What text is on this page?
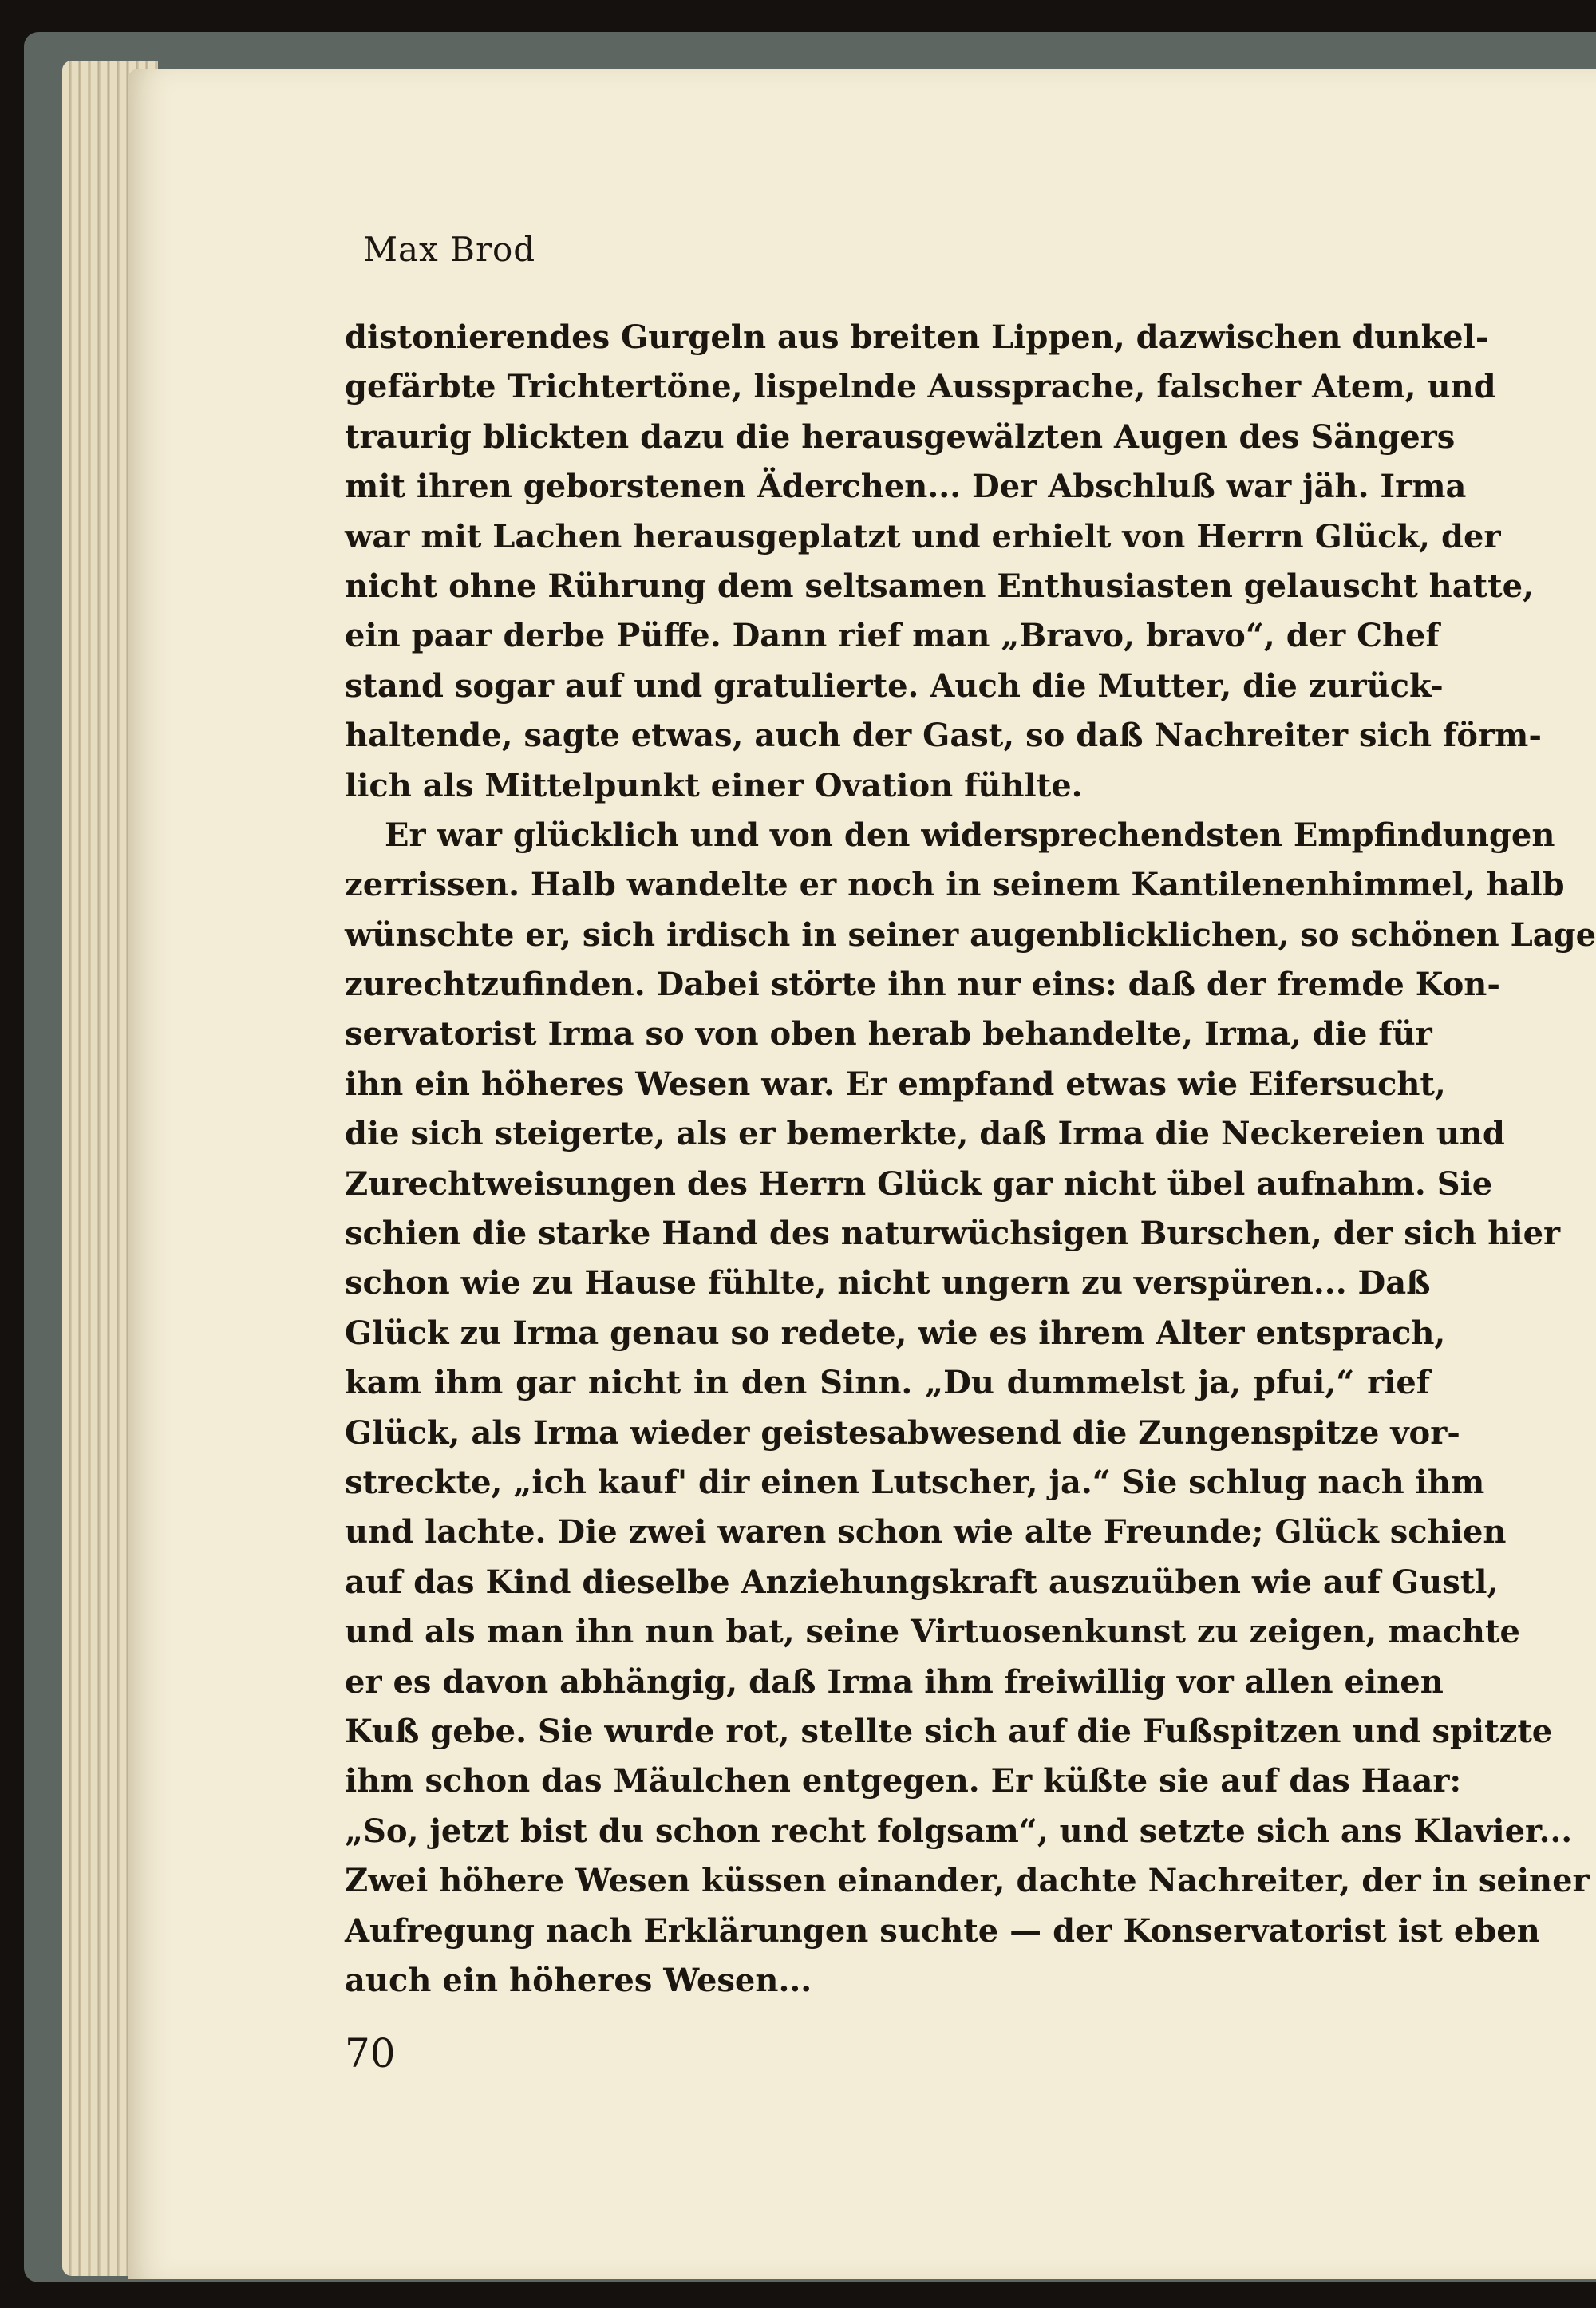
Max Brod
distonierendes Gurgeln aus breiten Lippen, dazwischen dunkel-
gefärbte Trichtertöne, lispelnde Aussprache, falscher Atem, und
traurig blickten dazu die herausgewälzten Augen des Sängers
mit ihren geborstenen Äderchen... Der Abschluß war jäh. Irma
war mit Lachen herausgeplatzt und erhielt von Herrn Glück, der
nicht ohne Rührung dem seltsamen Enthusiasten gelauscht hatte,
ein paar derbe Püffe. Dann rief man „Bravo, bravo“, der Chef
stand sogar auf und gratulierte. Auch die Mutter, die zurück-
haltende, sagte etwas, auch der Gast, so daß Nachreiter sich förm-
lich als Mittelpunkt einer Ovation fühlte.
Er war glücklich und von den widersprechendsten Empfindungen
zerrissen. Halb wandelte er noch in seinem Kantilenenhimmel, halb
wünschte er, sich irdisch in seiner augenblicklichen, so schönen Lage
zurechtzufinden. Dabei störte ihn nur eins: daß der fremde Kon-
servatorist Irma so von oben herab behandelte, Irma, die für
ihn ein höheres Wesen war. Er empfand etwas wie Eifersucht,
die sich steigerte, als er bemerkte, daß Irma die Neckereien und
Zurechtweisungen des Herrn Glück gar nicht übel aufnahm. Sie
schien die starke Hand des naturwüchsigen Burschen, der sich hier
schon wie zu Hause fühlte, nicht ungern zu verspüren... Daß
Glück zu Irma genau so redete, wie es ihrem Alter entsprach,
kam ihm gar nicht in den Sinn. „Du dummelst ja, pfui,“ rief
Glück, als Irma wieder geistesabwesend die Zungenspitze vor-
streckte, „ich kauf' dir einen Lutscher, ja.“ Sie schlug nach ihm
und lachte. Die zwei waren schon wie alte Freunde; Glück schien
auf das Kind dieselbe Anziehungskraft auszuüben wie auf Gustl,
und als man ihn nun bat, seine Virtuosenkunst zu zeigen, machte
er es davon abhängig, daß Irma ihm freiwillig vor allen einen
Kuß gebe. Sie wurde rot, stellte sich auf die Fußspitzen und spitzte
ihm schon das Mäulchen entgegen. Er küßte sie auf das Haar:
„So, jetzt bist du schon recht folgsam“, und setzte sich ans Klavier...
Zwei höhere Wesen küssen einander, dachte Nachreiter, der in seiner
Aufregung nach Erklärungen suchte — der Konservatorist ist eben
auch ein höheres Wesen...
70
